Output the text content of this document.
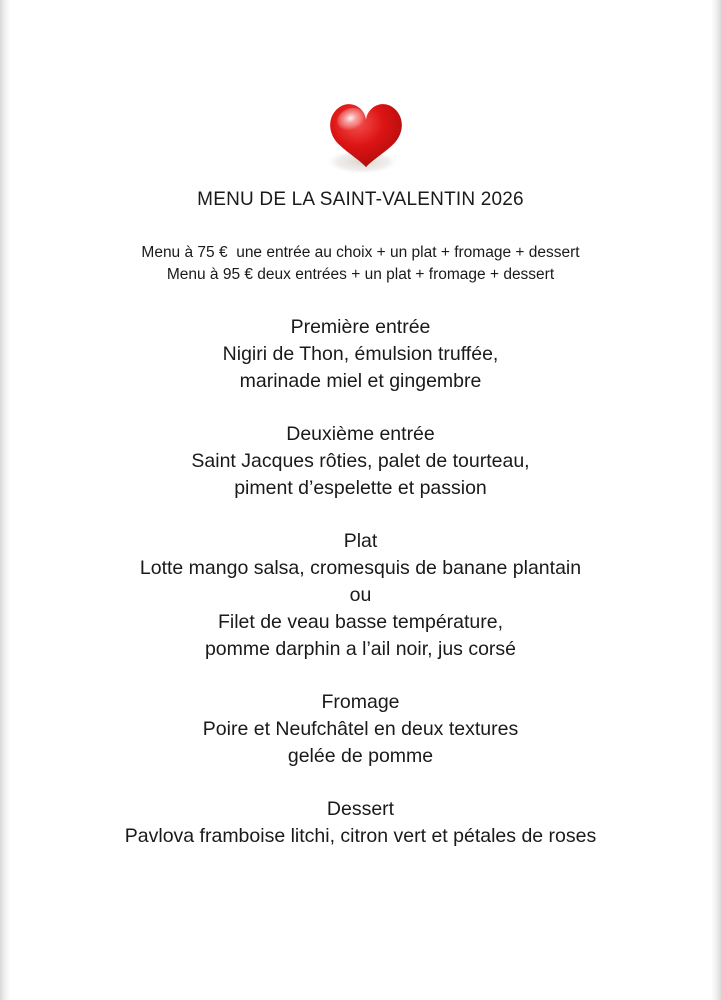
MENU DE LA SAINT-VALENTIN 2026
Menu à 75 €  une entrée au choix + un plat + fromage + dessert
Menu à 95 € deux entrées + un plat + fromage + dessert
Première entrée
Nigiri de Thon, émulsion truffée,
marinade miel et gingembre
Deuxième entrée
Saint Jacques rôties, palet de tourteau,
piment d’espelette et passion
Plat
Lotte mango salsa, cromesquis de banane plantain
ou
Filet de veau basse température,
pomme darphin a l’ail noir, jus corsé
Fromage
Poire et Neufchâtel en deux textures
gelée de pomme
Dessert
Pavlova framboise litchi, citron vert et pétales de roses
